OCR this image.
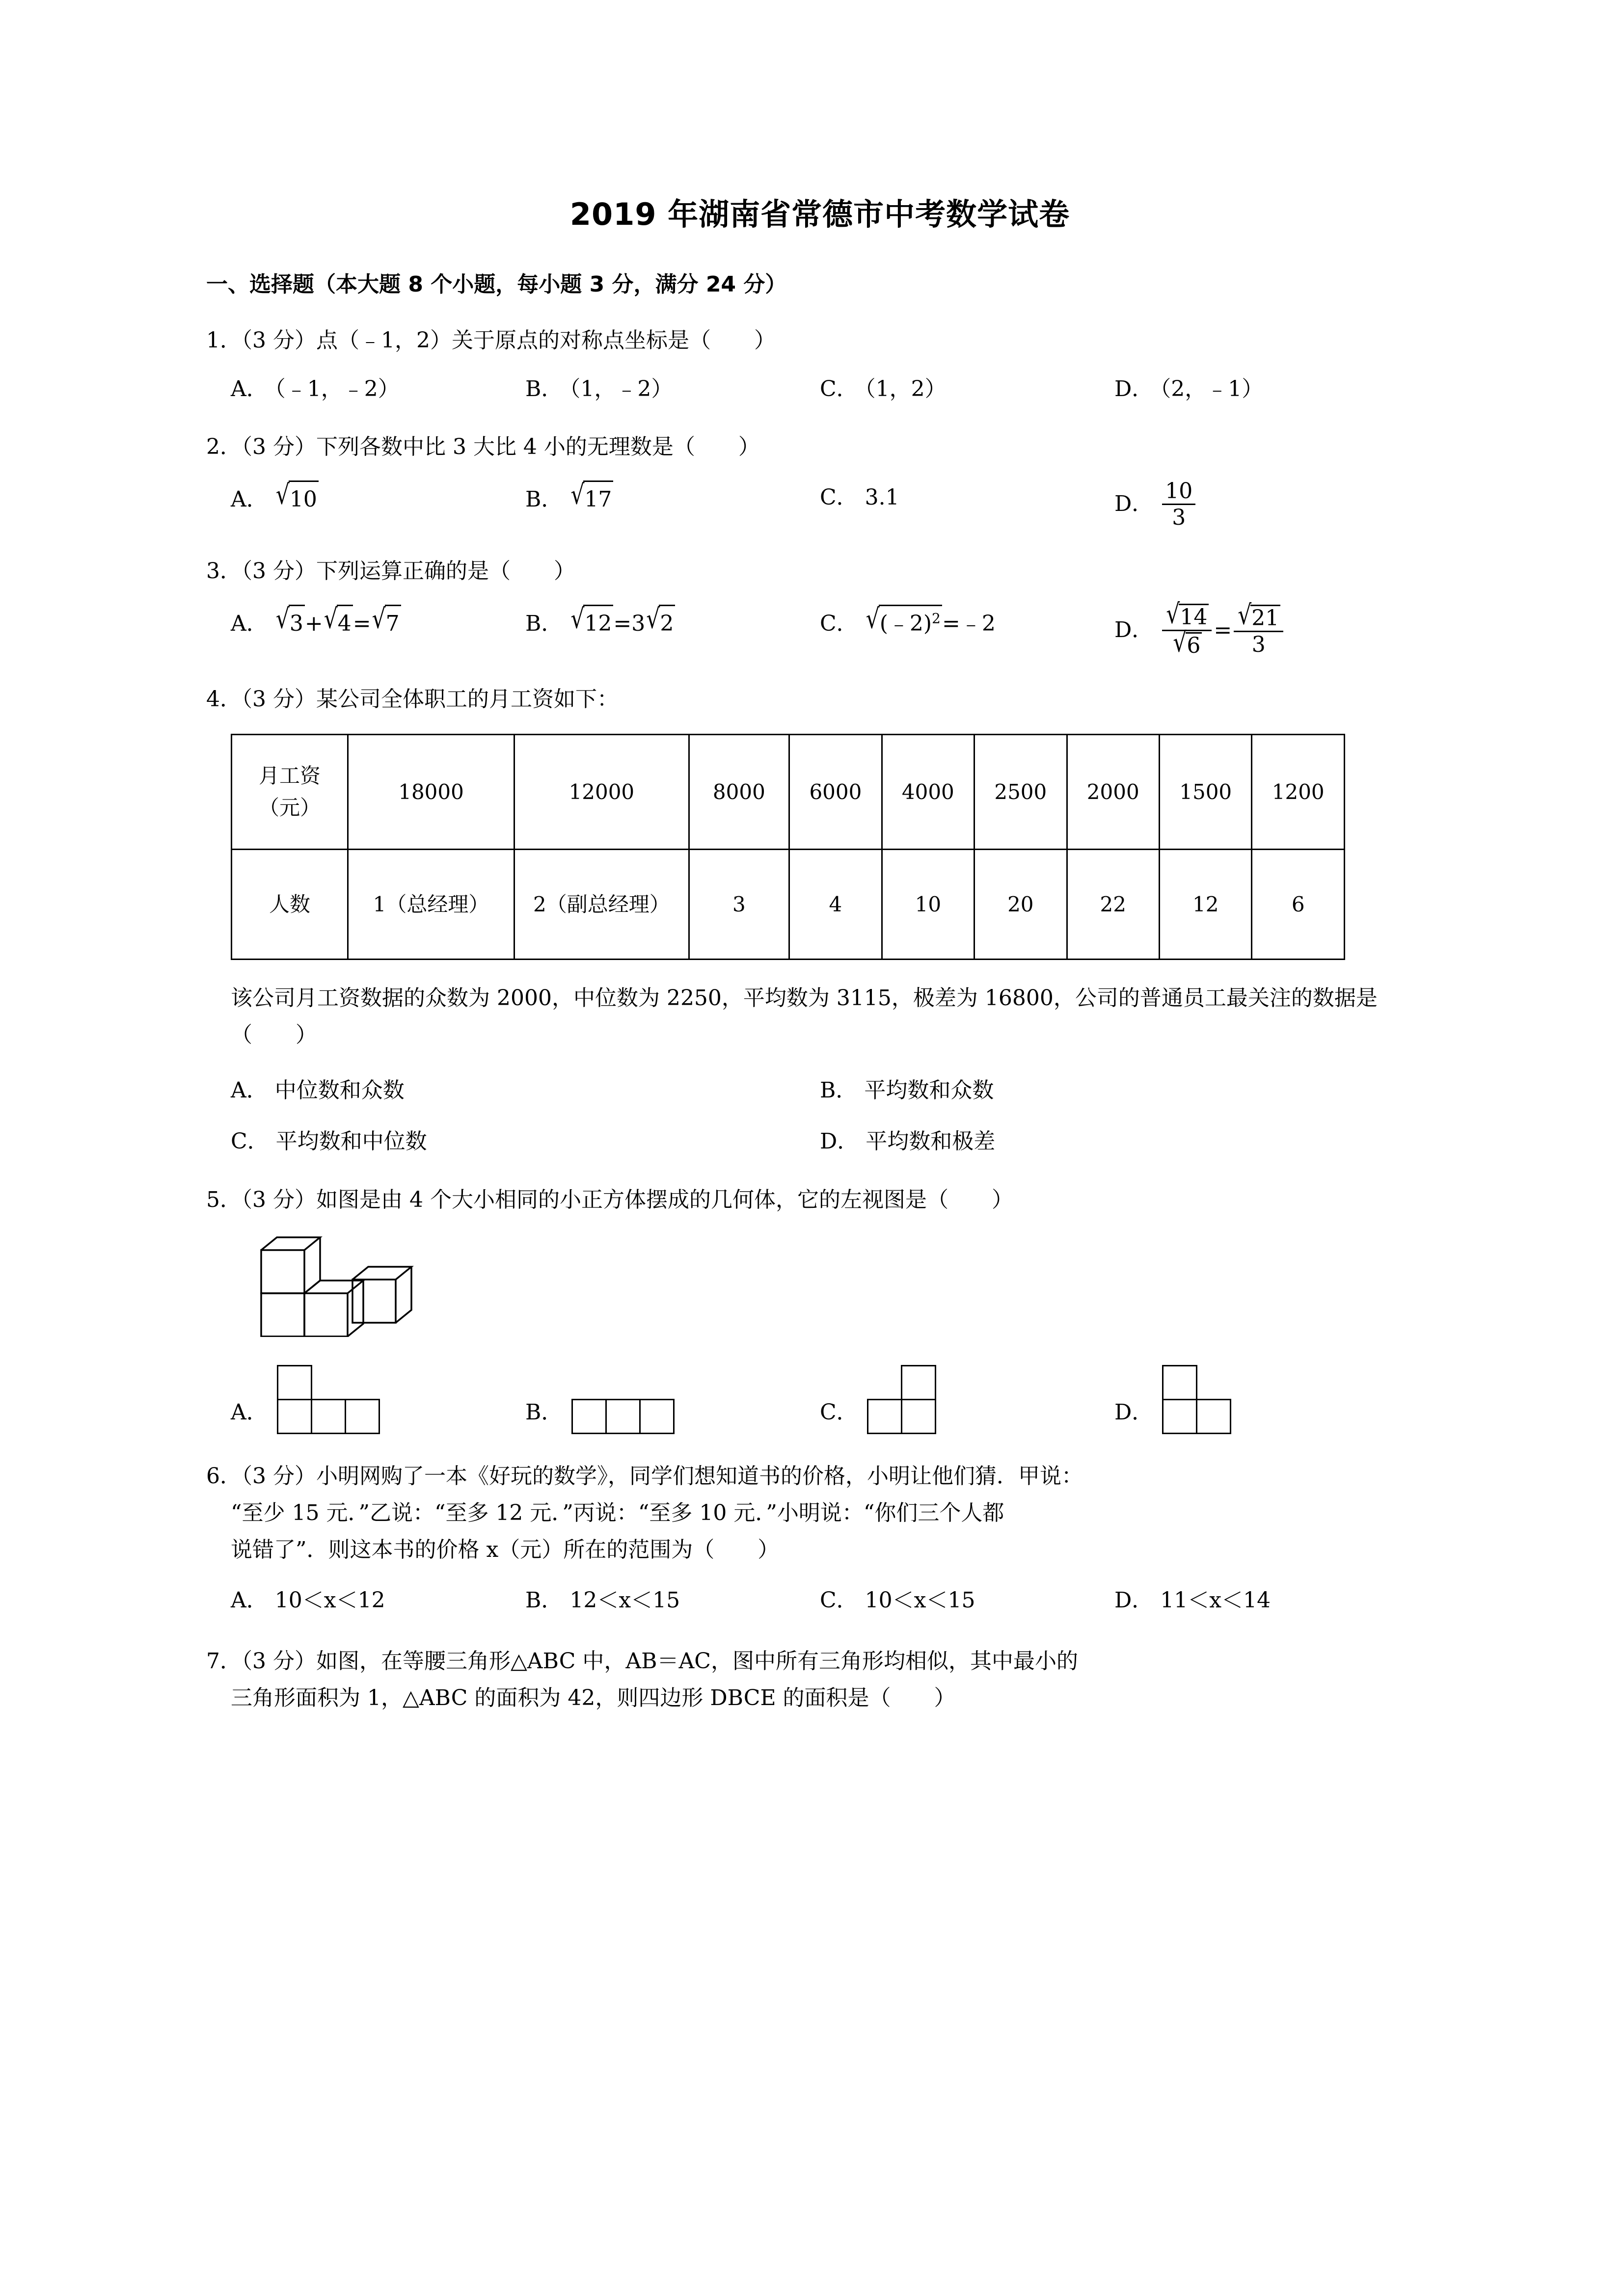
2019 年湖南省常德市中考数学试卷
一、选择题（本大题 8 个小题，每小题 3 分，满分 24 分）
1．（3 分）点（﹣1，2）关于原点的对称点坐标是（　　）
A． （﹣1，﹣2）	B． （1，﹣2）	C． （1，2）	D． （2，﹣1）
2．（3 分）下列各数中比 3 大比 4 小的无理数是（　　）
A． √10	B． √17	C． 3.1	D． $\frac{10}{3}$
3．（3 分）下列运算正确的是（　　）
A． √3+√4=√7	B． √12=3√2	C． √(﹣2)$^2$=﹣2	D． $\frac{√14}{√6} = \frac{√21}{3}$
4．（3 分）某公司全体职工的月工资如下：
月工资
（元）	18000	12000	8000	6000	4000	2500	2000	1500	1200
人数	1（总经理）	2（副总经理）	3	4	10	20	22	12	6
该公司月工资数据的众数为 2000，中位数为 2250，平均数为 3115，极差为 16800，公司的普通员工最关注的数据是（　　）
A． 中位数和众数	B． 平均数和众数
C． 平均数和中位数	D． 平均数和极差
5．（3 分）如图是由 4 个大小相同的小正方体摆成的几何体，它的左视图是（　　）
A．	B．	C．	D．
6．（3 分）小明网购了一本《好玩的数学》，同学们想知道书的价格，小明让他们猜．甲说：
“至少 15 元．”乙说：“至多 12 元．”丙说：“至多 10 元．”小明说：“你们三个人都
说错了”．则这本书的价格 x（元）所在的范围为（　　）
A． 10＜x＜12	B． 12＜x＜15	C． 10＜x＜15	D． 11＜x＜14
7．（3 分）如图，在等腰三角形△ABC 中，AB＝AC，图中所有三角形均相似，其中最小的
三角形面积为 1，△ABC 的面积为 42，则四边形 DBCE 的面积是（　　）
